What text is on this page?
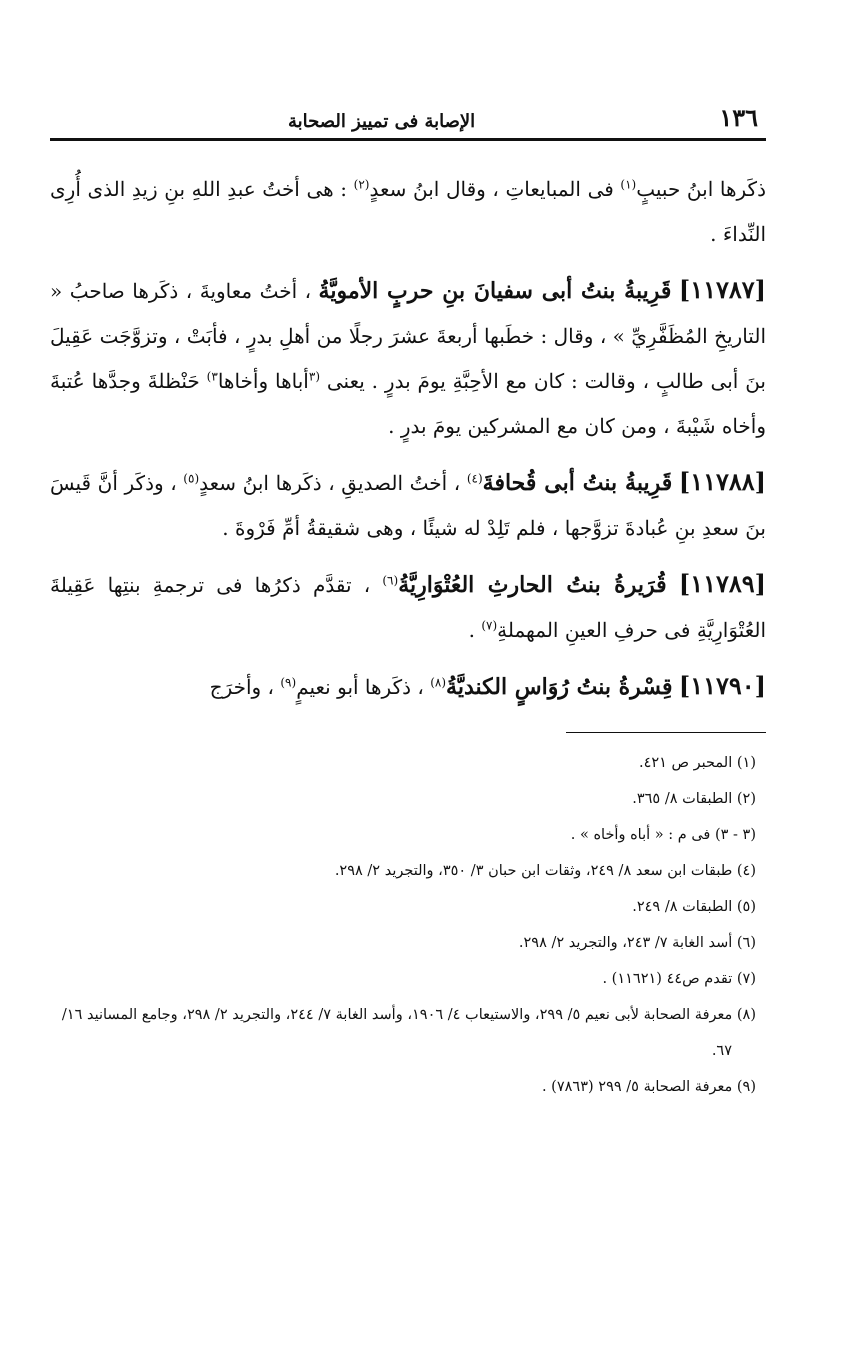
١٣٦
الإصابة فى تمييز الصحابة

ذكَرها ابنُ حبيبٍ$^{(١)}$ فى المبايعاتِ ، وقال ابنُ سعدٍ$^{(٢)}$ : هى أختُ عبدِ اللهِ بنِ زيدِ الذى أُرِى النِّداءَ .

[١١٧٨٧] قَرِيبةُ بنتُ أبى سفيانَ بنِ حربٍ الأمويَّةُ ، أختُ معاويةَ ، ذكَرها صاحبُ « التاريخِ المُظَفَّرِيِّ » ، وقال : خطَبها أربعةَ عشرَ رجلًا من أهلِ بدرٍ ، فأبَتْ ، وتزوَّجَت عَقِيلَ بنَ أبى طالبٍ ، وقالت : كان مع الأحِبَّةِ يومَ بدرٍ . يعنى $^{(٣}$أباها وأخاها$^{٣)}$ حَنْظلةَ وجدَّها عُتبةَ وأخاه شَيْبةَ ، ومن كان مع المشركين يومَ بدرٍ .

[١١٧٨٨] قَرِيبةُ بنتُ أبى قُحافةَ$^{(٤)}$ ، أختُ الصديقِ ، ذكَرها ابنُ سعدٍ$^{(٥)}$ ، وذكَر أنَّ قَيسَ بنَ سعدِ بنِ عُبادةَ تزوَّجها ، فلم تَلِدْ له شيئًا ، وهى شقيقةُ أمِّ فَرْوةَ .

[١١٧٨٩] قُرَيرةُ بنتُ الحارثِ العُتْوَارِيَّةُ$^{(٦)}$ ، تقدَّم ذكرُها فى ترجمةِ بنتِها عَقِيلةَ العُتْوَارِيَّةِ فى حرفِ العينِ المهملةِ$^{(٧)}$ .

[١١٧٩٠] قِسْرةُ بنتُ رُوَاسٍ الكنديَّةُ$^{(٨)}$ ، ذكَرها أبو نعيمٍ$^{(٩)}$ ، وأخرَج

(١) المحبر ص ٤٢١.

(٢) الطبقات ٨/ ٣٦٥.

(٣ - ٣) فى م : « أباه وأخاه » .

(٤) طبقات ابن سعد ٨/ ٢٤٩، وثقات ابن حبان ٣/ ٣٥٠، والتجريد ٢/ ٢٩٨.

(٥) الطبقات ٨/ ٢٤٩.

(٦) أسد الغابة ٧/ ٢٤٣، والتجريد ٢/ ٢٩٨.

(٧) تقدم ص٤٤ (١١٦٢١) .

(٨) معرفة الصحابة لأبى نعيم ٥/ ٢٩٩، والاستيعاب ٤/ ١٩٠٦، وأسد الغابة ٧/ ٢٤٤، والتجريد ٢/ ٢٩٨، وجامع المسانيد ١٦/ ٦٧.

(٩) معرفة الصحابة ٥/ ٢٩٩ (٧٨٦٣) .
